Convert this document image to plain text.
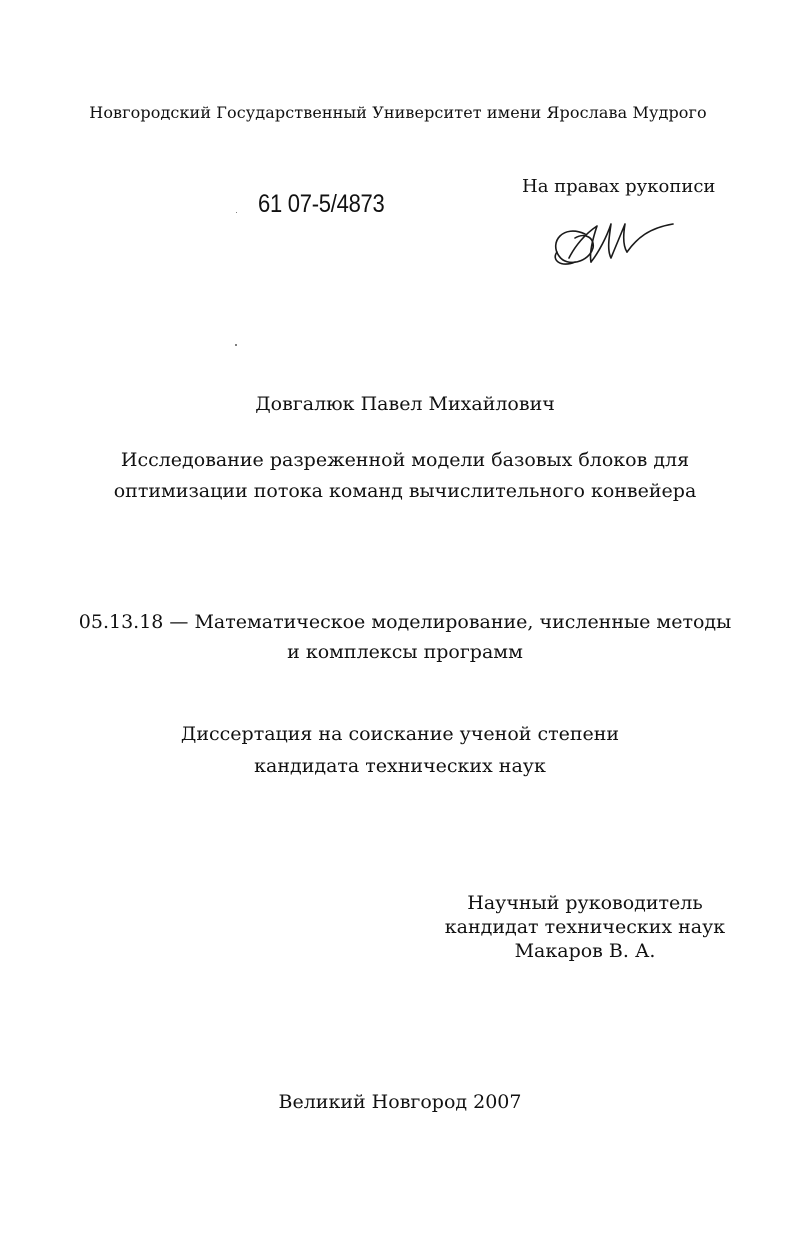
Новгородский Государственный Университет имени Ярослава Мудрого
61 07-5/4873
На правах рукописи
Довгалюк Павел Михайлович
Исследование разреженной модели базовых блоков для
оптимизации потока команд вычислительного конвейера
05.13.18 — Математическое моделирование, численные методы
и комплексы программ
Диссертация на соискание ученой степени
кандидата технических наук
Научный руководитель
кандидат технических наук
Макаров В. А.
Великий Новгород 2007
